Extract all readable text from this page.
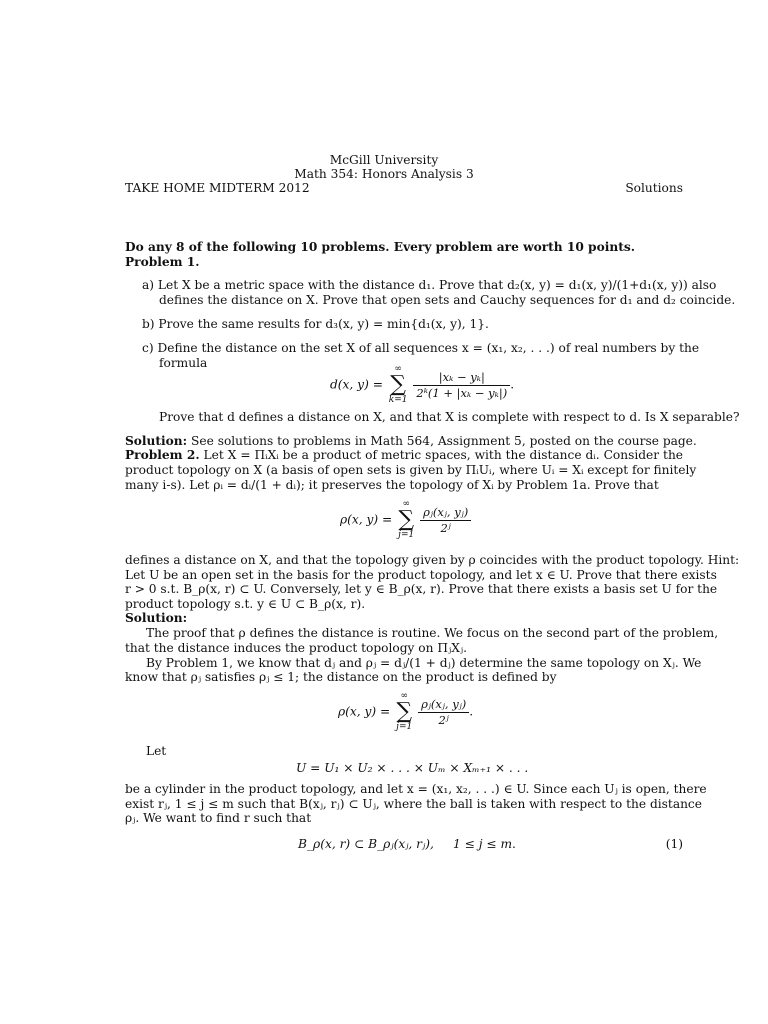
McGill University
Math 354: Honors Analysis 3
TAKE HOME MIDTERM 2012	Solutions
Do any 8 of the following 10 problems. Every problem are worth 10 points.
Problem 1.
a) Let X be a metric space with the distance d₁. Prove that d₂(x, y) = d₁(x, y)/(1+d₁(x, y)) also
defines the distance on X. Prove that open sets and Cauchy sequences for d₁ and d₂ coincide.
b) Prove the same results for d₃(x, y) = min{d₁(x, y), 1}.
c) Define the distance on the set X of all sequences x = (x₁, x₂, . . .) of real numbers by the
formula
d(x, y) =
∞
∑
k=1

$\frac{\text{|xₖ − yₖ|}}{\text{2ᵏ(1 + |xₖ − yₖ|)}}$ .
Prove that d defines a distance on X, and that X is complete with respect to d. Is X separable?
Solution: See solutions to problems in Math 564, Assignment 5, posted on the course page.
Problem 2. Let X = ΠᵢXᵢ be a product of metric spaces, with the distance dᵢ. Consider the
product topology on X (a basis of open sets is given by ΠᵢUᵢ, where Uᵢ = Xᵢ except for finitely
many i-s). Let ρᵢ = dᵢ/(1 + dᵢ); it preserves the topology of Xᵢ by Problem 1a. Prove that
ρ(x, y) =
∞
∑
j=1

$\frac{\text{ρⱼ(xⱼ, yⱼ)}}{\text{2ʲ}}$
defines a distance on X, and that the topology given by ρ coincides with the product topology. Hint:
Let U be an open set in the basis for the product topology, and let x ∈ U. Prove that there exists
r > 0 s.t. B_ρ(x, r) ⊂ U. Conversely, let y ∈ B_ρ(x, r). Prove that there exists a basis set U for the
product topology s.t. y ∈ U ⊂ B_ρ(x, r).
Solution:
The proof that ρ defines the distance is routine. We focus on the second part of the problem,
that the distance induces the product topology on ΠⱼXⱼ.
By Problem 1, we know that dⱼ and ρⱼ = dⱼ/(1 + dⱼ) determine the same topology on Xⱼ. We
know that ρⱼ satisfies ρⱼ ≤ 1; the distance on the product is defined by
ρ(x, y) =
∞
∑
j=1

$\frac{\text{ρⱼ(xⱼ, yⱼ)}}{\text{2ʲ}}$ .
Let
U = U₁ × U₂ × . . . × Uₘ × Xₘ₊₁ × . . .
be a cylinder in the product topology, and let x = (x₁, x₂, . . .) ∈ U. Since each Uⱼ is open, there
exist rⱼ, 1 ≤ j ≤ m such that B(xⱼ, rⱼ) ⊂ Uⱼ, where the ball is taken with respect to the distance
ρⱼ. We want to find r such that
B_ρ(x, r) ⊂ B_ρⱼ(xⱼ, rⱼ), 1 ≤ j ≤ m.	(1)
